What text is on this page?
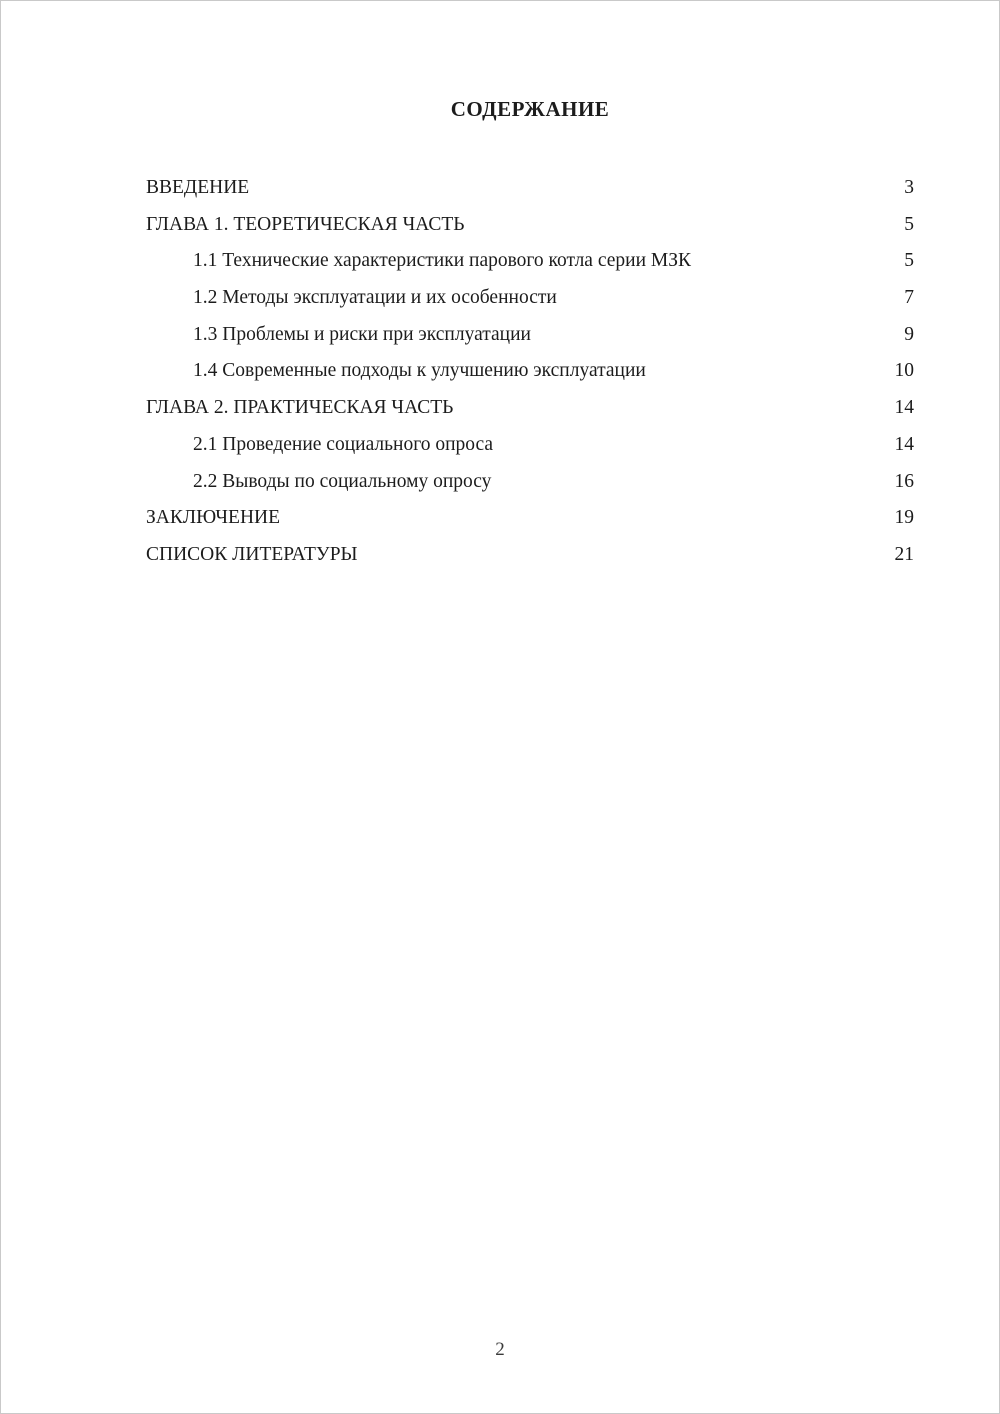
СОДЕРЖАНИЕ
ВВЕДЕНИЕ	3
ГЛАВА 1. ТЕОРЕТИЧЕСКАЯ ЧАСТЬ	5
1.1 Технические характеристики парового котла серии МЗК	5
1.2 Методы эксплуатации и их особенности	7
1.3 Проблемы и риски при эксплуатации	9
1.4 Современные подходы к улучшению эксплуатации	10
ГЛАВА 2. ПРАКТИЧЕСКАЯ ЧАСТЬ	14
2.1 Проведение социального опроса	14
2.2 Выводы по социальному опросу	16
ЗАКЛЮЧЕНИЕ	19
СПИСОК ЛИТЕРАТУРЫ	21
2
